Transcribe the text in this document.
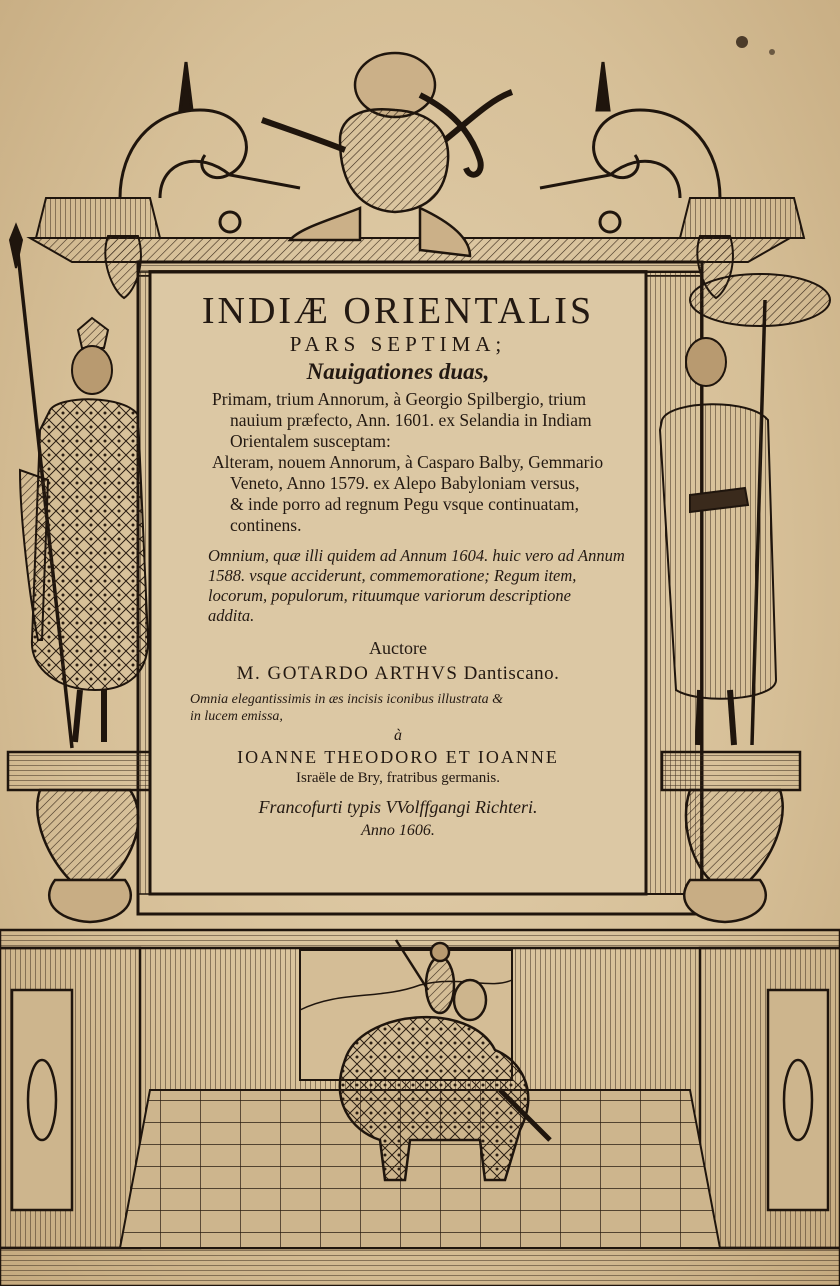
INDIÆ ORIENTALIS
PARS SEPTIMA;
Nauigationes duas,
Primam, trium Annorum, à Georgio Spilbergio, trium
nauium præfecto, Ann. 1601. ex Selandia in Indiam
Orientalem susceptam:
Alteram, nouem Annorum, à Casparo Balby, Gemmario
Veneto, Anno 1579. ex Alepo Babyloniam versus,
& inde porro ad regnum Pegu vsque continuatam,
continens.
Omnium, quæ illi quidem ad Annum 1604. huic vero ad Annum
1588. vsque acciderunt, commemoratione; Regum item,
locorum, populorum, rituumque variorum descriptione
addita.
Auctore
M. GOTARDO ARTHVS Dantiscano.
Omnia elegantissimis in æs incisis iconibus illustrata &
in lucem emissa,
à
IOANNE THEODORO ET IOANNE
Israële de Bry, fratribus germanis.
Francofurti typis VVolffgangi Richteri.
Anno 1606.
